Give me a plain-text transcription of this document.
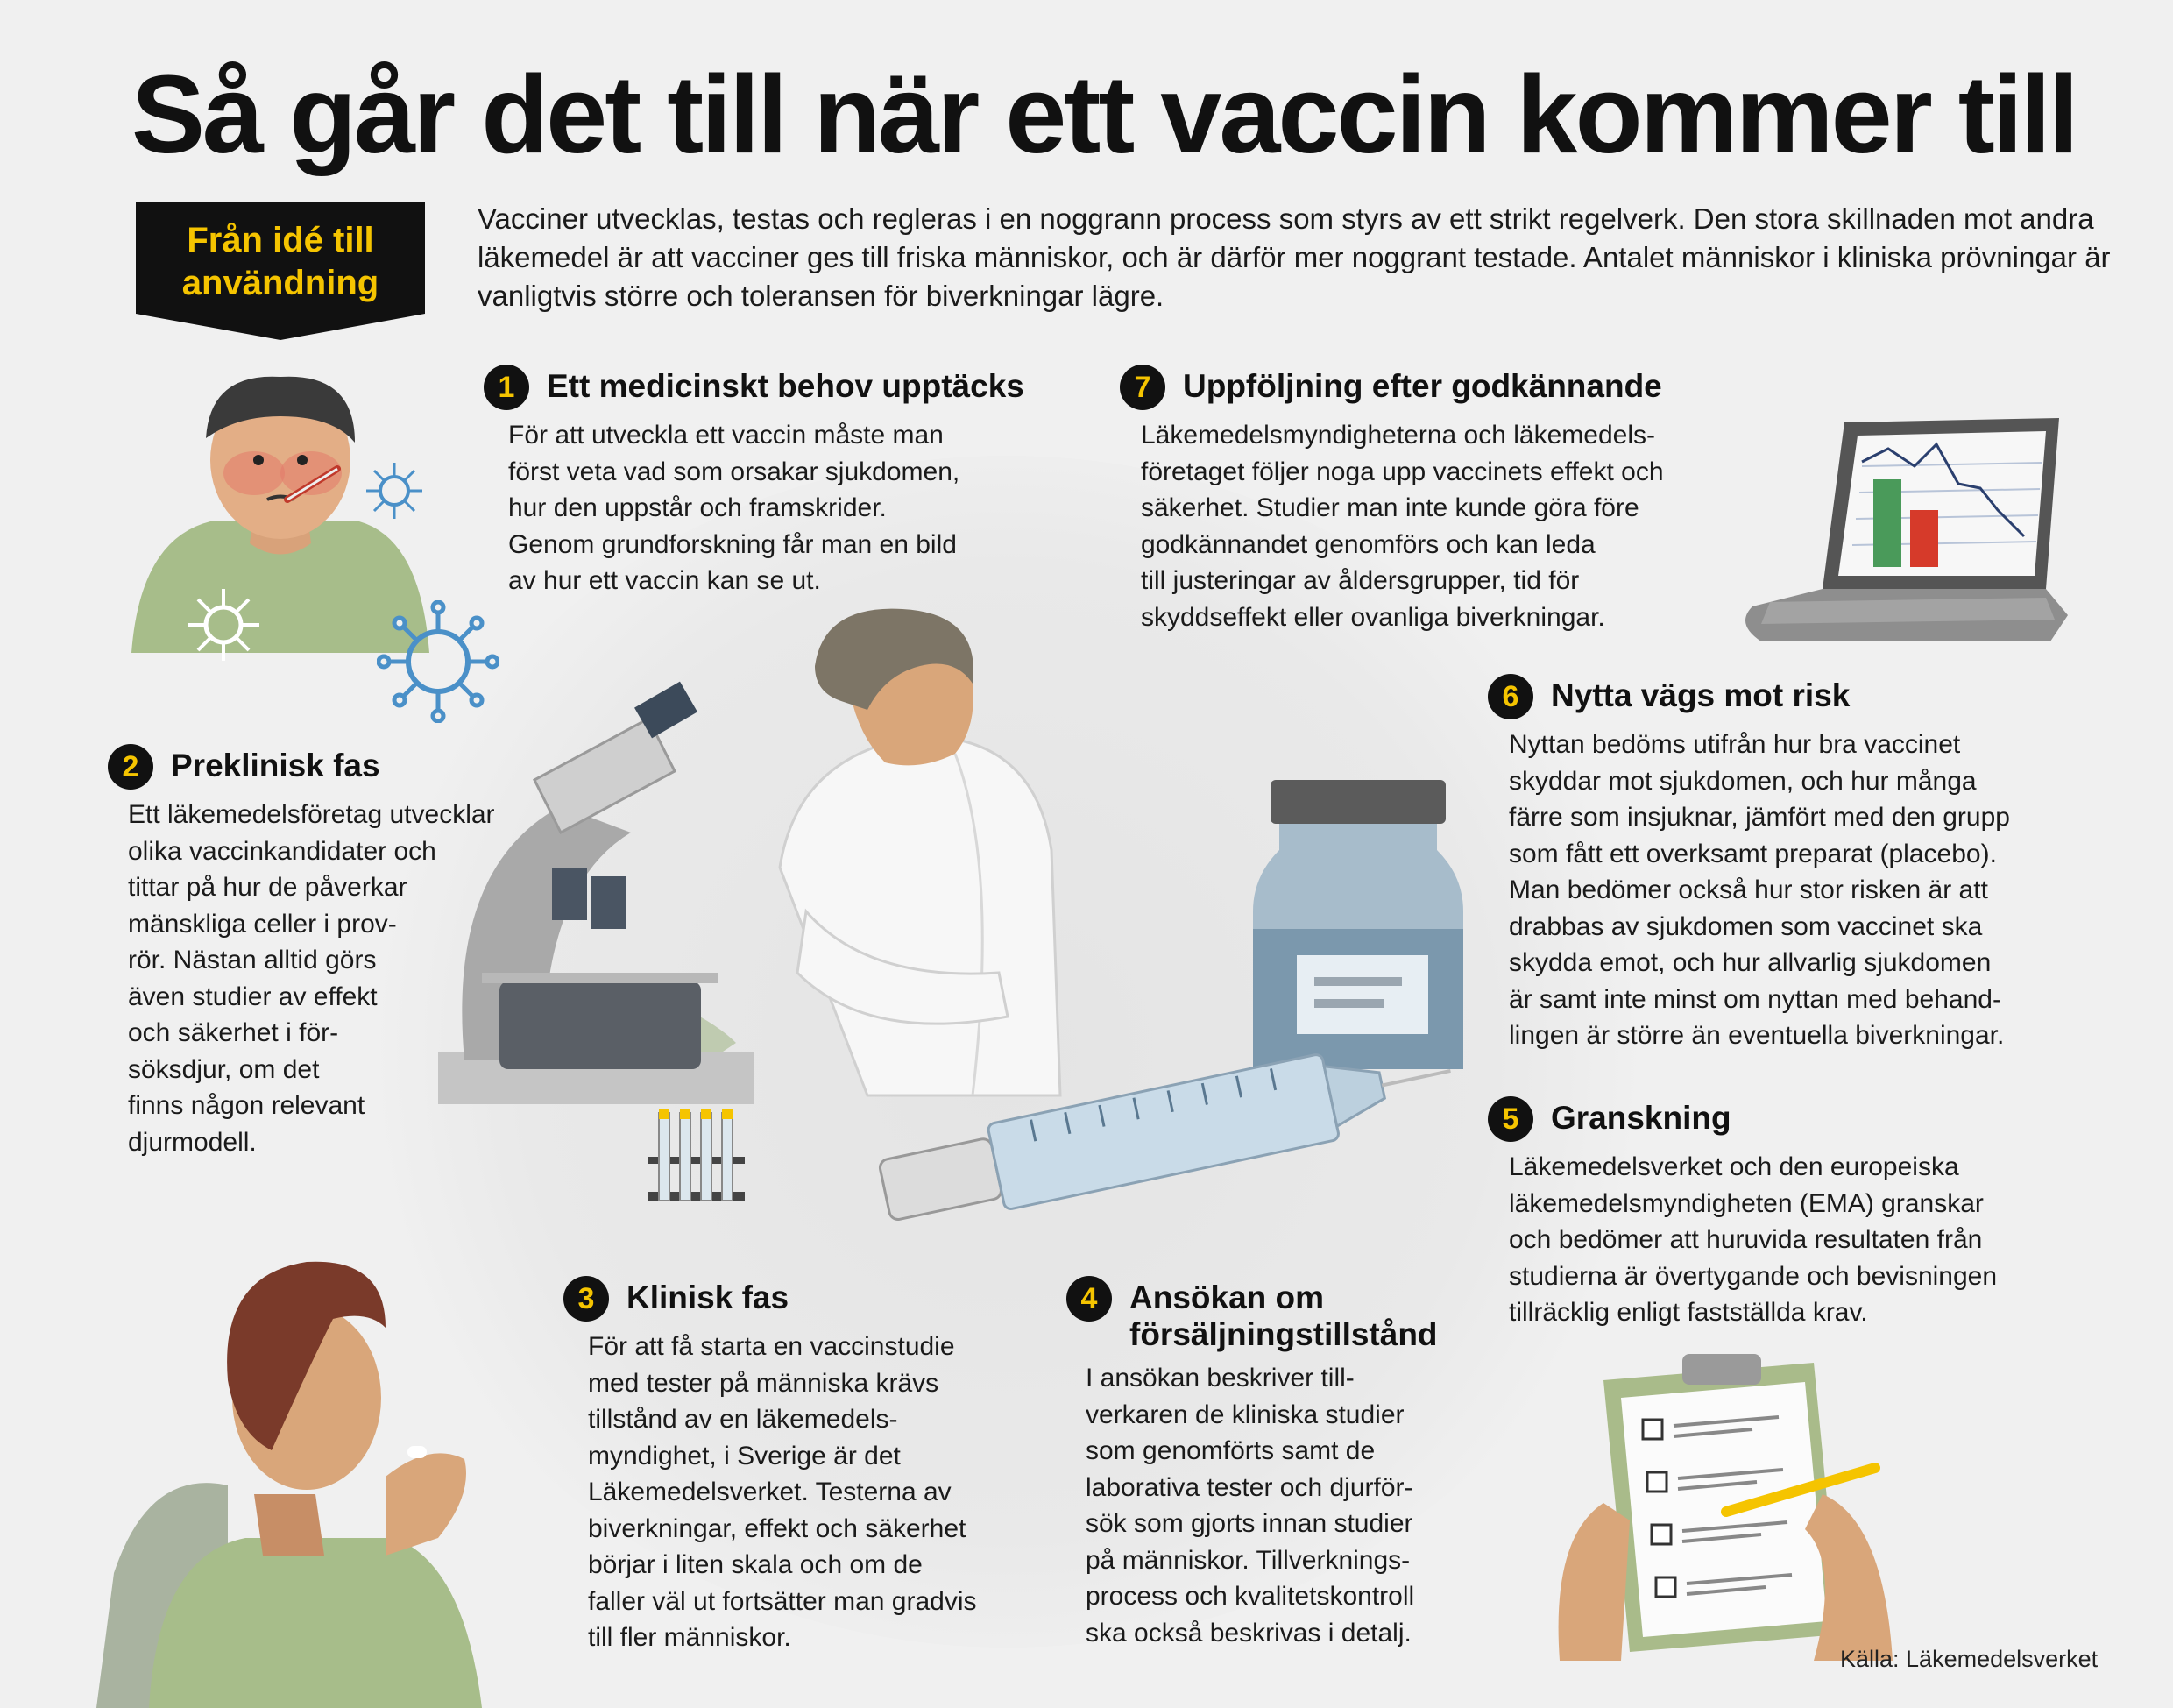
Så går det till när ett vaccin kommer till
Från idé till
användning
Vacciner utvecklas, testas och regleras i en noggrann process som styrs av ett strikt regelverk. Den stora skillnaden mot andra läkemedel är att vacciner ges till friska människor, och är därför mer noggrant testade. Antalet människor i kliniska prövningar är vanligtvis större och toleransen för biverkningar lägre.
1 Ett medicinskt behov upptäcks

För att utveckla ett vaccin måste man
först veta vad som orsakar sjukdomen,
hur den uppstår och framskrider.
Genom grundforskning får man en bild
av hur ett vaccin kan se ut.

2 Preklinisk fas

Ett läkemedelsföretag utvecklar
olika vaccinkandidater och
tittar på hur de påverkar
mänskliga celler i prov-
rör. Nästan alltid görs
även studier av effekt
och säkerhet i för-
söksdjur, om det
finns någon relevant
djurmodell.

3 Klinisk fas

För att få starta en vaccinstudie
med tester på människa krävs
tillstånd av en läkemedels-
myndighet, i Sverige är det
Läkemedelsverket. Testerna av
biverkningar, effekt och säkerhet
börjar i liten skala och om de
faller väl ut fortsätter man gradvis
till fler människor.

4 Ansökan om
försäljningstillstånd

I ansökan beskriver till-
verkaren de kliniska studier
som genomförts samt de
laborativa tester och djurför-
sök som gjorts innan studier
på människor. Tillverknings-
process och kvalitetskontroll
ska också beskrivas i detalj.

5 Granskning

Läkemedelsverket och den europeiska
läkemedelsmyndigheten (EMA) granskar
och bedömer att huruvida resultaten från
studierna är övertygande och bevisningen
tillräcklig enligt fastställda krav.

6 Nytta vägs mot risk

Nyttan bedöms utifrån hur bra vaccinet
skyddar mot sjukdomen, och hur många
färre som insjuknar, jämfört med den grupp
som fått ett overksamt preparat (placebo).
Man bedömer också hur stor risken är att
drabbas av sjukdomen som vaccinet ska
skydda emot, och hur allvarlig sjukdomen
är samt inte minst om nyttan med behand-
lingen är större än eventuella biverkningar.

7 Uppföljning efter godkännande

Läkemedelsmyndigheterna och läkemedels-
företaget följer noga upp vaccinets effekt och
säkerhet. Studier man inte kunde göra före
godkännandet genomförs och kan leda
till justeringar av åldersgrupper, tid för
skyddseffekt eller ovanliga biverkningar.

Källa: Läkemedelsverket
